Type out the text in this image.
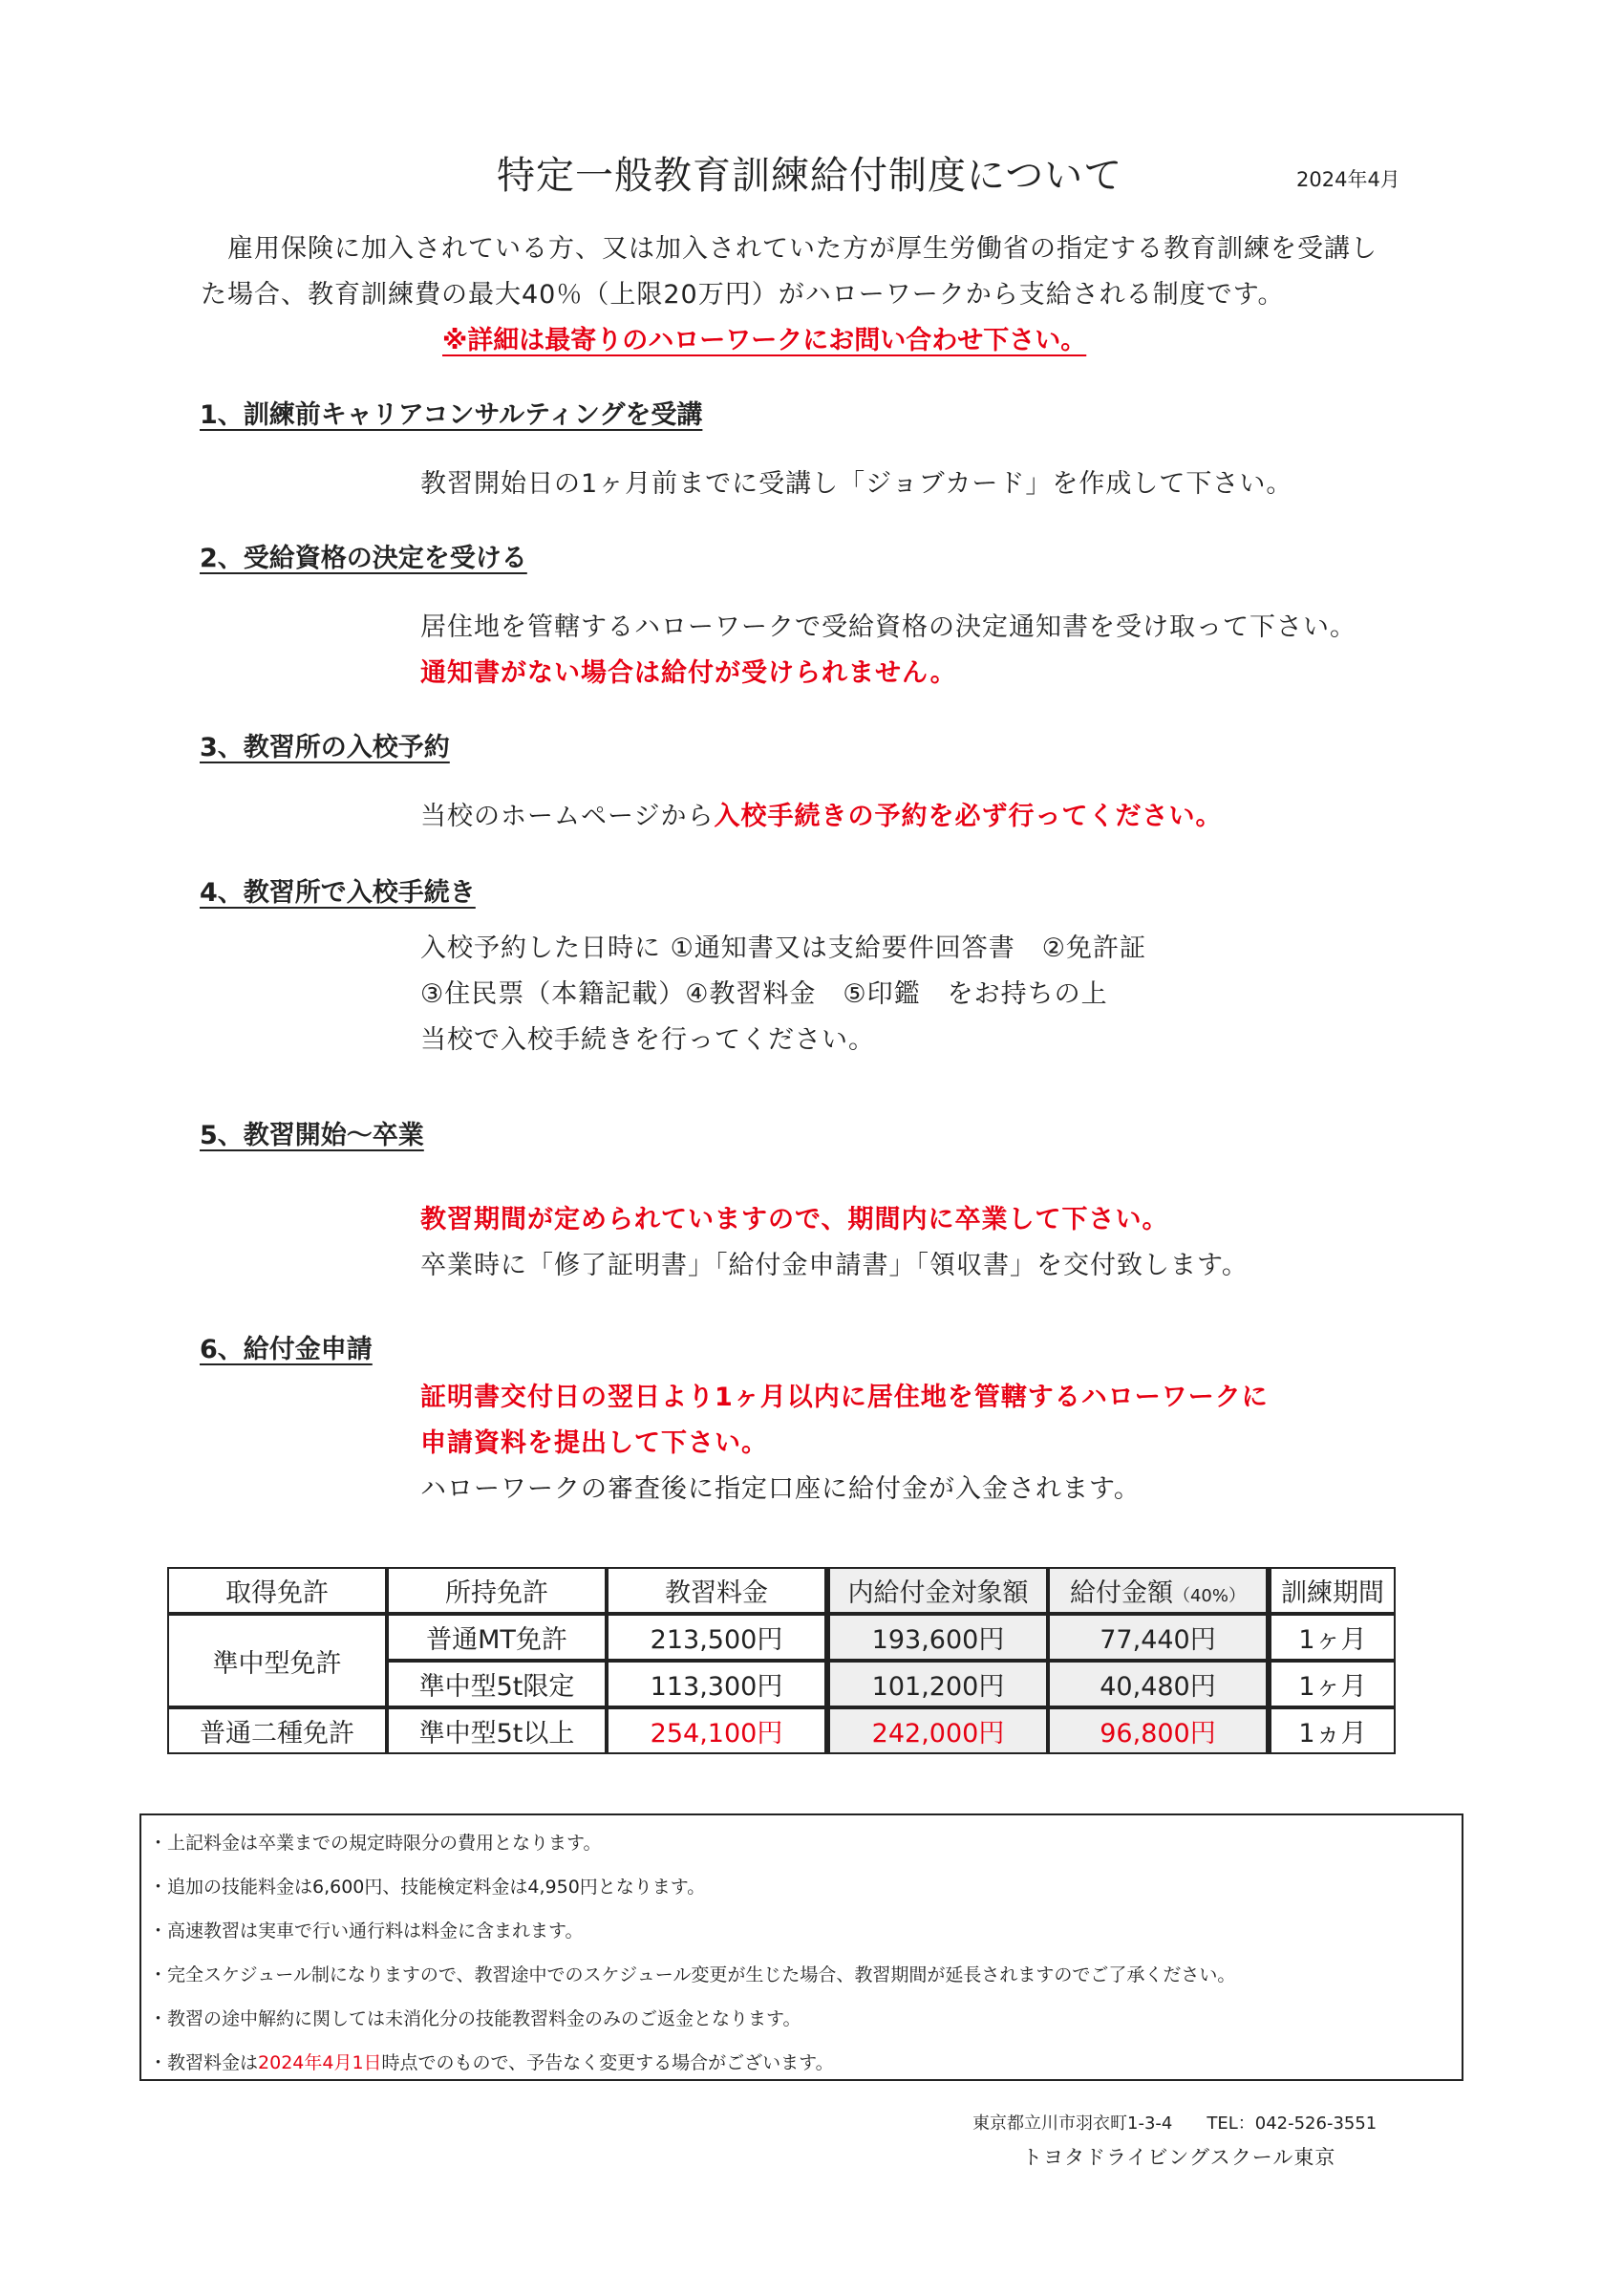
特定一般教育訓練給付制度について	2024年4月
雇用保険に加入されている方、又は加入されていた方が厚生労働省の指定する教育訓練を受講し
た場合、教育訓練費の最大40％（上限20万円）がハローワークから支給される制度です。
※詳細は最寄りのハローワークにお問い合わせ下さい。
1、訓練前キャリアコンサルティングを受講
教習開始日の1ヶ月前までに受講し「ジョブカード」を作成して下さい。
2、受給資格の決定を受ける
居住地を管轄するハローワークで受給資格の決定通知書を受け取って下さい。
通知書がない場合は給付が受けられません。
3、教習所の入校予約
当校のホームページから入校手続きの予約を必ず行ってください。
4、教習所で入校手続き
入校予約した日時に ①通知書又は支給要件回答書　②免許証
③住民票（本籍記載）④教習料金　⑤印鑑　をお持ちの上
当校で入校手続きを行ってください。
5、教習開始～卒業
教習期間が定められていますので、期間内に卒業して下さい。
卒業時に「修了証明書」「給付金申請書」「領収書」を交付致します。
6、給付金申請
証明書交付日の翌日より1ヶ月以内に居住地を管轄するハローワークに
申請資料を提出して下さい。
ハローワークの審査後に指定口座に給付金が入金されます。
取得免許	所持免許	教習料金	内給付金対象額	給付金額（40%）	訓練期間
準中型免許	普通MT免許	213,500円	193,600円	77,440円	1ヶ月
	準中型5t限定	113,300円	101,200円	40,480円	1ヶ月
普通二種免許	準中型5t以上	254,100円	242,000円	96,800円	1ヵ月
・上記料金は卒業までの規定時限分の費用となります。
・追加の技能料金は6,600円、技能検定料金は4,950円となります。
・高速教習は実車で行い通行料は料金に含まれます。
・完全スケジュール制になりますので、教習途中でのスケジュール変更が生じた場合、教習期間が延長されますのでご了承ください。
・教習の途中解約に関しては未消化分の技能教習料金のみのご返金となります。
・教習料金は2024年4月1日時点でのもので、予告なく変更する場合がございます。
東京都立川市羽衣町1-3-4　　TEL：042-526-3551
トヨタドライビングスクール東京
